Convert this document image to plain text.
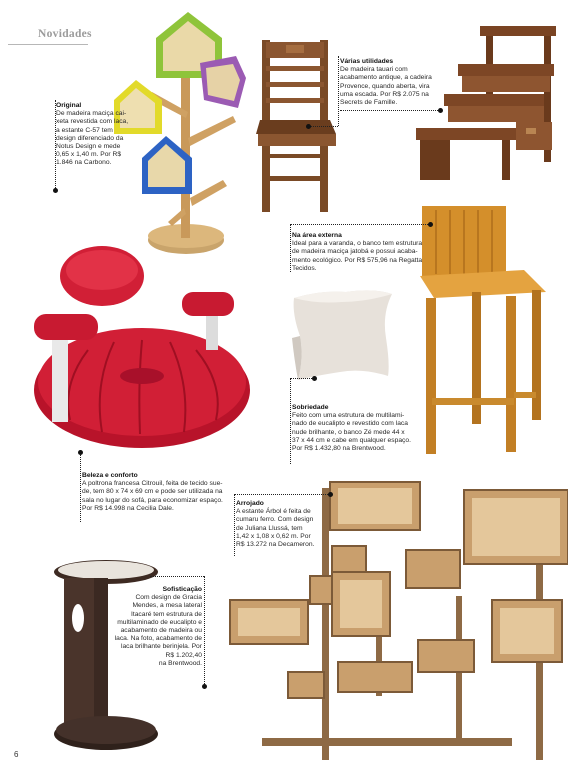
Novidades
Original
De madeira maciça cai-
xeta revestida com laca,
a estante C-57 tem
design diferenciado da
Notus Design e mede
0,65 x 1,40 m. Por R$
1.846 na Carbono.
Várias utilidades
De madeira tauari com
acabamento antique, a cadeira
Provence, quando aberta, vira
uma escada. Por R$ 2.075 na
Secrets de Famille.
Na área externa
Ideal para a varanda, o banco tem estrutura
de madeira maciça jatobá e possui acaba-
mento ecológico. Por R$ 575,96 na Regatta
Tecidos.
Sobriedade
Feito com uma estrutura de multilami-
nado de eucalipto e revestido com laca
nude brilhante, o banco Zé mede 44 x
37 x 44 cm e cabe em qualquer espaço.
Por R$ 1.432,80 na Brentwood.
Beleza e conforto
A poltrona francesa Citrouil, feita de tecido sue-
de, tem 80 x 74 x 69 cm e pode ser utilizada na
sala no lugar do sofá, para economizar espaço.
Por R$ 14.998 na Cecilia Dale.
Arrojado
A estante Árbol é feita de
cumaru ferro. Com design
de Juliana Llussá, tem
1,42 x 1,08 x 0,62 m. Por
R$ 13.272 na Decameron.
Sofisticação
Com design de Gracia
Mendes, a mesa lateral
Itacaré tem estrutura de
multilaminado de eucalipto e
acabamento de madeira ou
laca. Na foto, acabamento de
laca brilhante berinjela. Por
R$ 1.202,40
na Brentwood.
6
